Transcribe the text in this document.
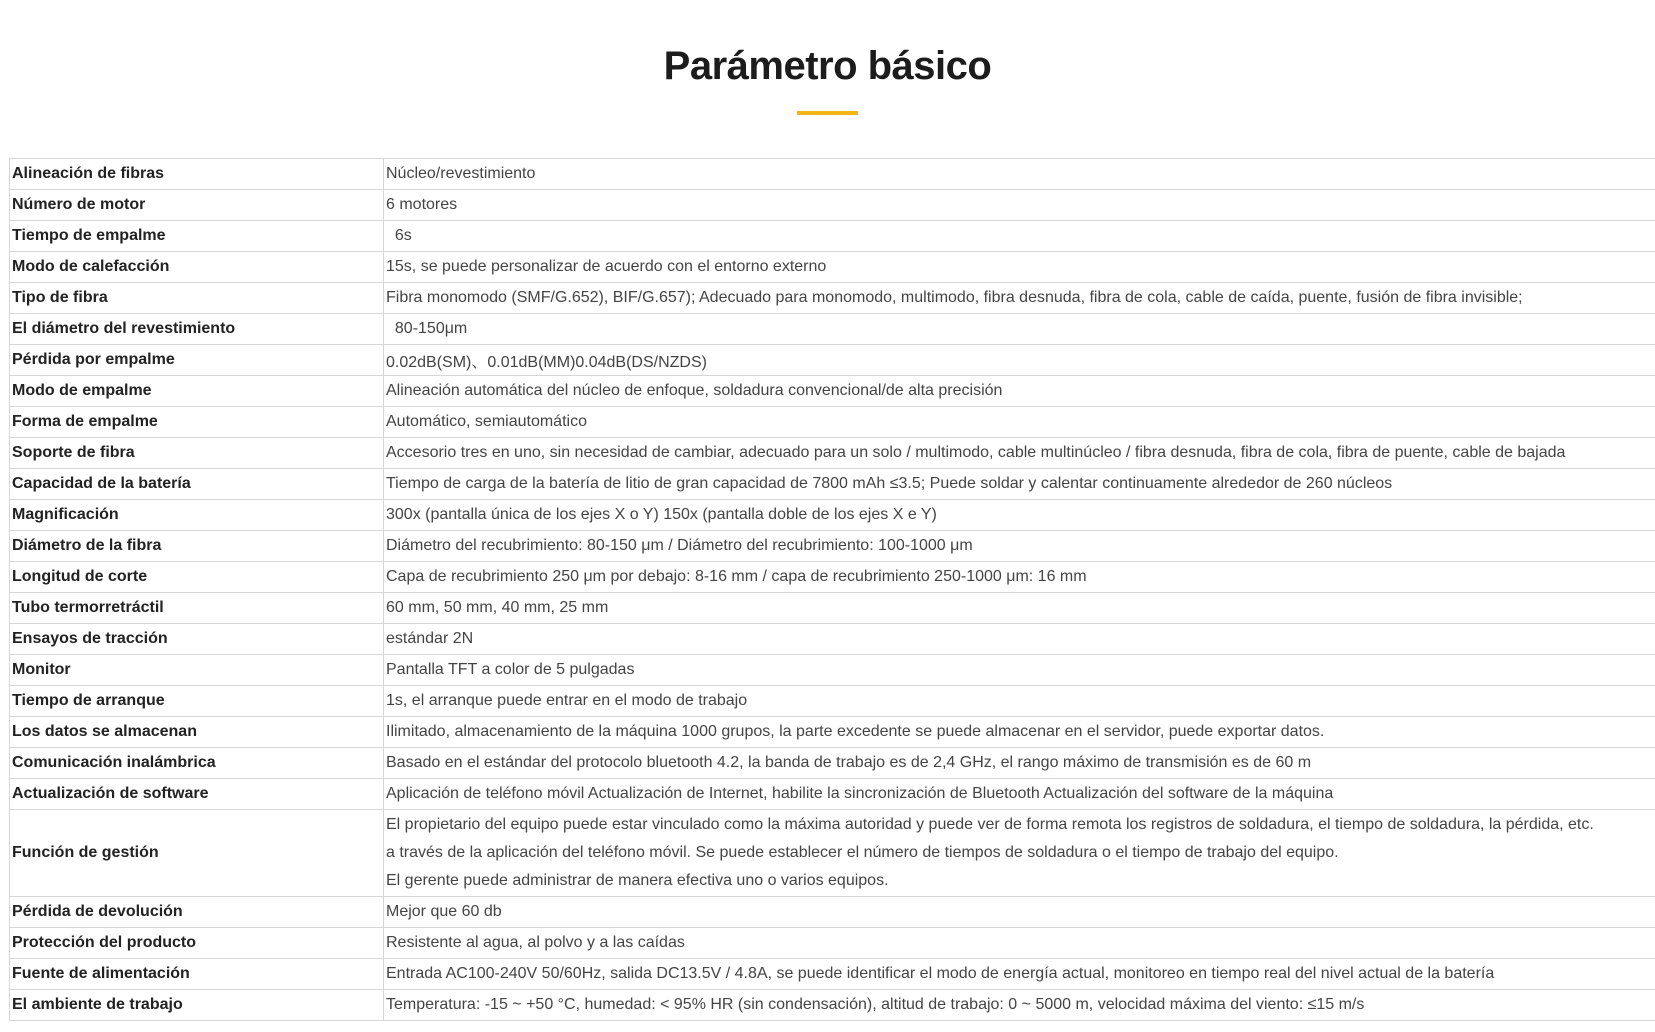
Parámetro básico
Alineación de fibras	Núcleo/revestimiento
Número de motor	6 motores
Tiempo de empalme	6s
Modo de calefacción	15s, se puede personalizar de acuerdo con el entorno externo
Tipo de fibra	Fibra monomodo (SMF/G.652), BIF/G.657); Adecuado para monomodo, multimodo, fibra desnuda, fibra de cola, cable de caída, puente, fusión de fibra invisible;
El diámetro del revestimiento	80-150μm
Pérdida por empalme	0.02dB(SM)、0.01dB(MM)0.04dB(DS/NZDS)
Modo de empalme	Alineación automática del núcleo de enfoque, soldadura convencional/de alta precisión
Forma de empalme	Automático, semiautomático
Soporte de fibra	Accesorio tres en uno, sin necesidad de cambiar, adecuado para un solo / multimodo, cable multinúcleo / fibra desnuda, fibra de cola, fibra de puente, cable de bajada
Capacidad de la batería	Tiempo de carga de la batería de litio de gran capacidad de 7800 mAh ≤3.5; Puede soldar y calentar continuamente alrededor de 260 núcleos
Magnificación	300x (pantalla única de los ejes X o Y) 150x (pantalla doble de los ejes X e Y)
Diámetro de la fibra	Diámetro del recubrimiento: 80-150 μm / Diámetro del recubrimiento: 100-1000 μm
Longitud de corte	Capa de recubrimiento 250 μm por debajo: 8-16 mm / capa de recubrimiento 250-1000 μm: 16 mm
Tubo termorretráctil	60 mm, 50 mm, 40 mm, 25 mm
Ensayos de tracción	estándar 2N
Monitor	Pantalla TFT a color de 5 pulgadas
Tiempo de arranque	1s, el arranque puede entrar en el modo de trabajo
Los datos se almacenan	Ilimitado, almacenamiento de la máquina 1000 grupos, la parte excedente se puede almacenar en el servidor, puede exportar datos.
Comunicación inalámbrica	Basado en el estándar del protocolo bluetooth 4.2, la banda de trabajo es de 2,4 GHz, el rango máximo de transmisión es de 60 m
Actualización de software	Aplicación de teléfono móvil Actualización de Internet, habilite la sincronización de Bluetooth Actualización del software de la máquina
Función de gestión	El propietario del equipo puede estar vinculado como la máxima autoridad y puede ver de forma remota los registros de soldadura, el tiempo de soldadura, la pérdida, etc.
a través de la aplicación del teléfono móvil. Se puede establecer el número de tiempos de soldadura o el tiempo de trabajo del equipo.
El gerente puede administrar de manera efectiva uno o varios equipos.

Pérdida de devolución	Mejor que 60 db
Protección del producto	Resistente al agua, al polvo y a las caídas
Fuente de alimentación	Entrada AC100-240V 50/60Hz, salida DC13.5V / 4.8A, se puede identificar el modo de energía actual, monitoreo en tiempo real del nivel actual de la batería
El ambiente de trabajo	Temperatura: -15 ~ +50 °C, humedad: < 95% HR (sin condensación), altitud de trabajo: 0 ~ 5000 m, velocidad máxima del viento: ≤15 m/s
